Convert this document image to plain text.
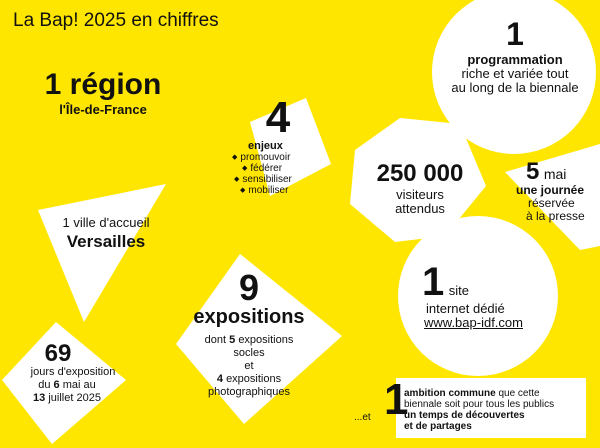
La Bap! 2025 en chiffres
1 région
l'Île-de-France	4
enjeux
◆ promouvoir
◆ fédérer
◆ sensibiliser
◆ mobiliser
1
programmation
riche et variée tout
au long de la biennale
250 000
visiteurs
attendus
5 mai
une journée
réservée
à la presse
1 ville d'accueil
Versailles
9
expositions
dont 5 expositions
socles
et
4 expositions
photographiques
1 site
internet dédié
www.bap-idf.com
69
jours d'exposition
du 6 mai au
13 juillet 2025
...et 1
ambition commune que cette
biennale soit pour tous les publics
un temps de découvertes
et de partages
